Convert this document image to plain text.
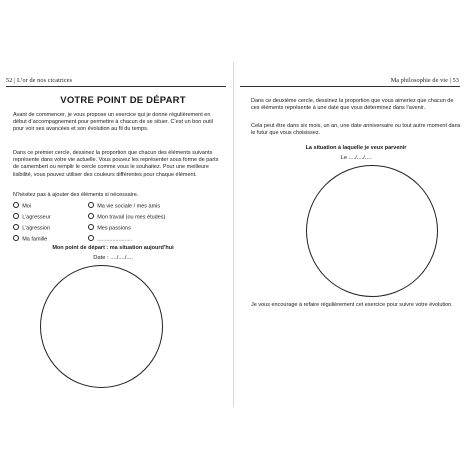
52 | L’or de nos cicatrices	Ma philosophie de vie | 53
VOTRE POINT DE DÉPART

Avant de commencer, je vous propose un exercice qui je donne régulièrement en début d’accompagnement pour permettre à chacun de se situer. C’est un bon outil pour voir ses avancées et son évolution au fil du temps.

Dans ce premier cercle, dessinez la proportion que chacun des éléments suivants représente dans votre vie actuelle. Vous pouvez les représenter sous forme de parts de camembert ou remplir le cercle comme vous le souhaitez. Pour une meilleure lisibilité, vous pouvez utiliser des couleurs différentes pour chaque élément.

N’hésitez pas à ajouter des éléments si nécessaire.

Moi
L’agresseur
L’agression
Ma famille
Ma vie sociale / mes amis
Mon travail (ou mes études)
Mes passions
.......................
Mon point de départ : ma situation aujourd’hui
Date : ..../..../....

Dans ce deuxième cercle, dessinez la proportion que vous aimeriez que chacun de ces éléments représente à une date que vous déterminez dans l’avenir.

Cela peut être dans six mois, un an, une date anniversaire ou tout autre moment dans le futur que vous choisissez.

La situation à laquelle je veux parvenir
Le ..../..../....

Je vous encourage à refaire régulièrement cet exercice pour suivre votre évolution.
